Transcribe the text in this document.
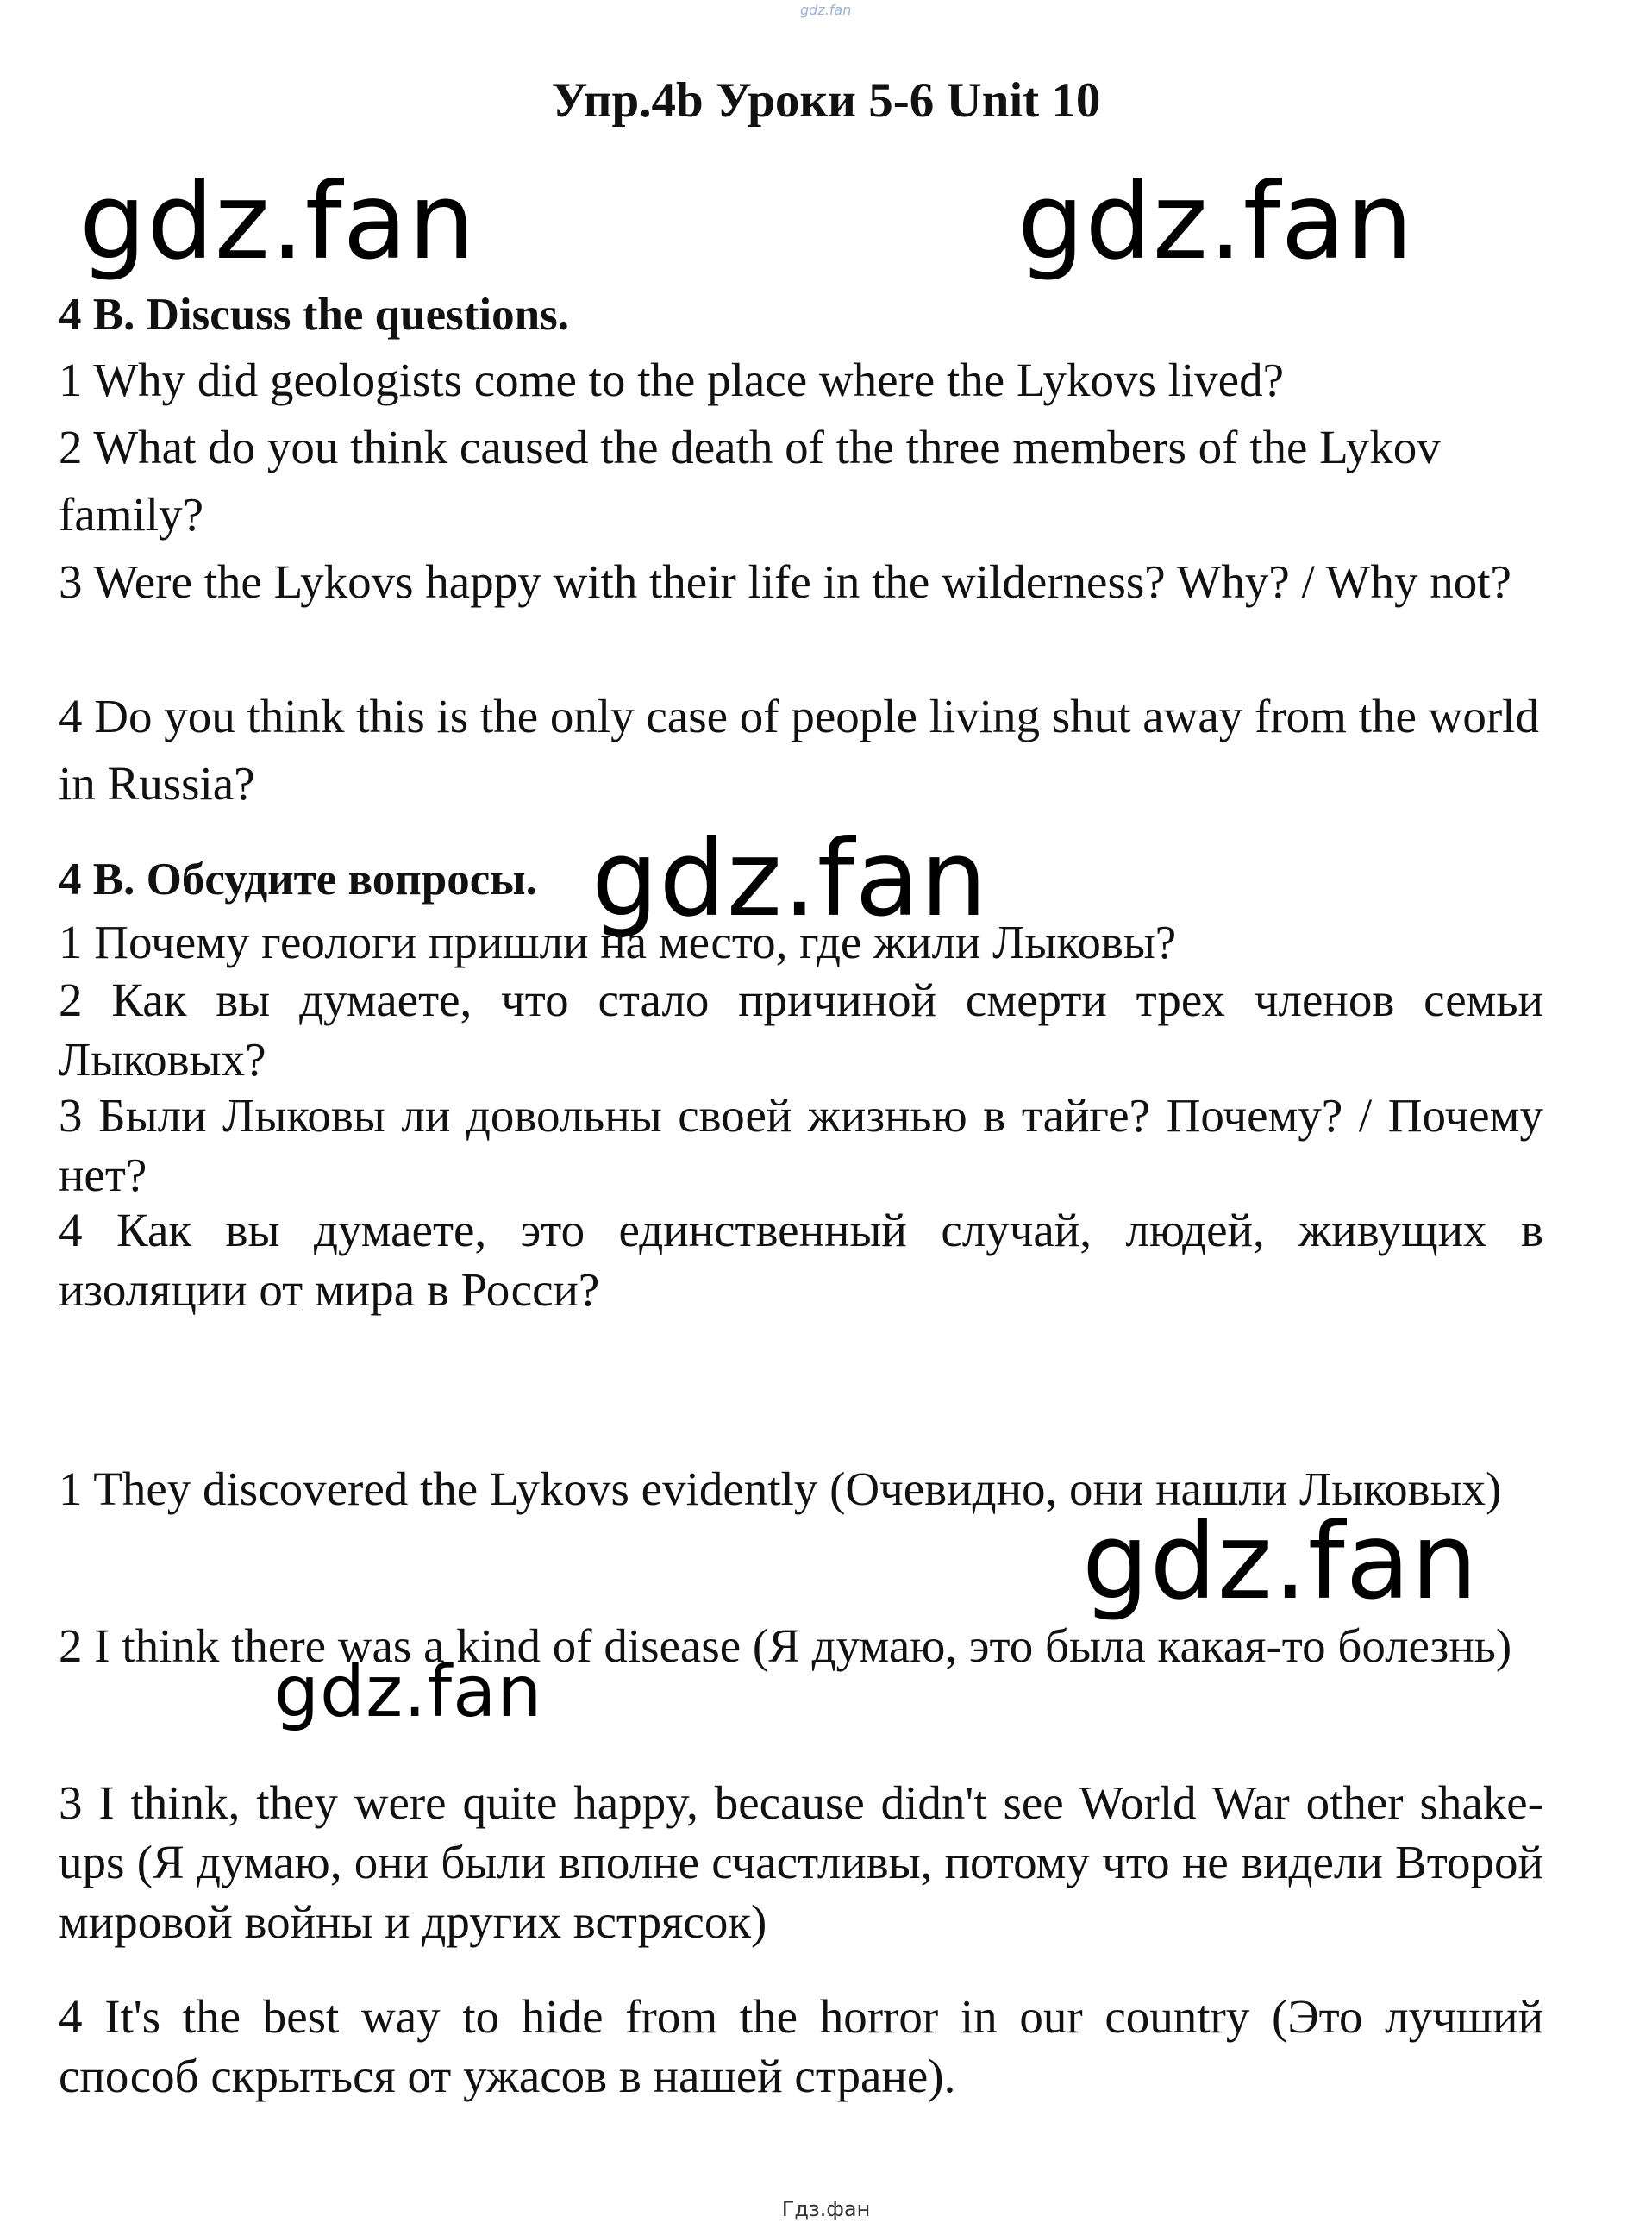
gdz.fan
Упр.4b Уроки 5-6 Unit 10
gdz.fan	gdz.fan
4 B. Discuss the questions.
1 Why did geologists come to the place where the Lykovs lived?
2 What do you think caused the death of the three members of the Lykov family?
3 Were the Lykovs happy with their life in the wilderness? Why? / Why not?
4 Do you think this is the only case of people living shut away from the world in Russia?
4 B. Обсудите вопросы. gdz.fan
1 Почему геологи пришли на место, где жили Лыковы?
2 Как вы думаете, что стало причиной смерти трех членов семьи Лыковых?
3 Были Лыковы ли довольны своей жизнью в тайге? Почему? / Почему нет?
4 Как вы думаете, это единственный случай, людей, живущих в изоляции от мира в Росси?
1 They discovered the Lykovs evidently (Очевидно, они нашли Лыковых)
gdz.fan
2 I think there was a kind of disease (Я думаю, это была какая-то болезнь)
gdz.fan
3 I think, they were quite happy, because didn't see World War other shake-ups (Я думаю, они были вполне счастливы, потому что не видели Второй мировой войны и других встрясок)
4 It's the best way to hide from the horror in our country (Это лучший способ скрыться от ужасов в нашей стране).
Гдз.фан
